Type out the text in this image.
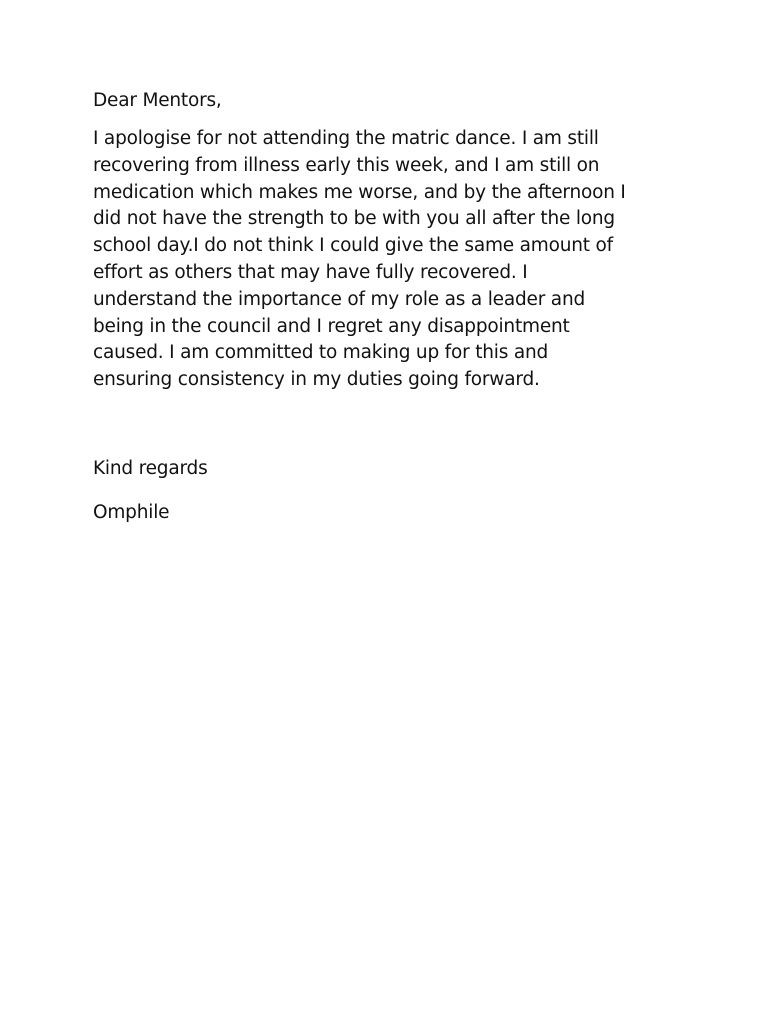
Dear Mentors,

I apologise for not attending the matric dance. I am still
recovering from illness early this week, and I am still on
medication which makes me worse, and by the afternoon I
did not have the strength to be with you all after the long
school day.I do not think I could give the same amount of
effort as others that may have fully recovered. I
understand the importance of my role as a leader and
being in the council and I regret any disappointment
caused. I am committed to making up for this and
ensuring consistency in my duties going forward.

Kind regards

Omphile
